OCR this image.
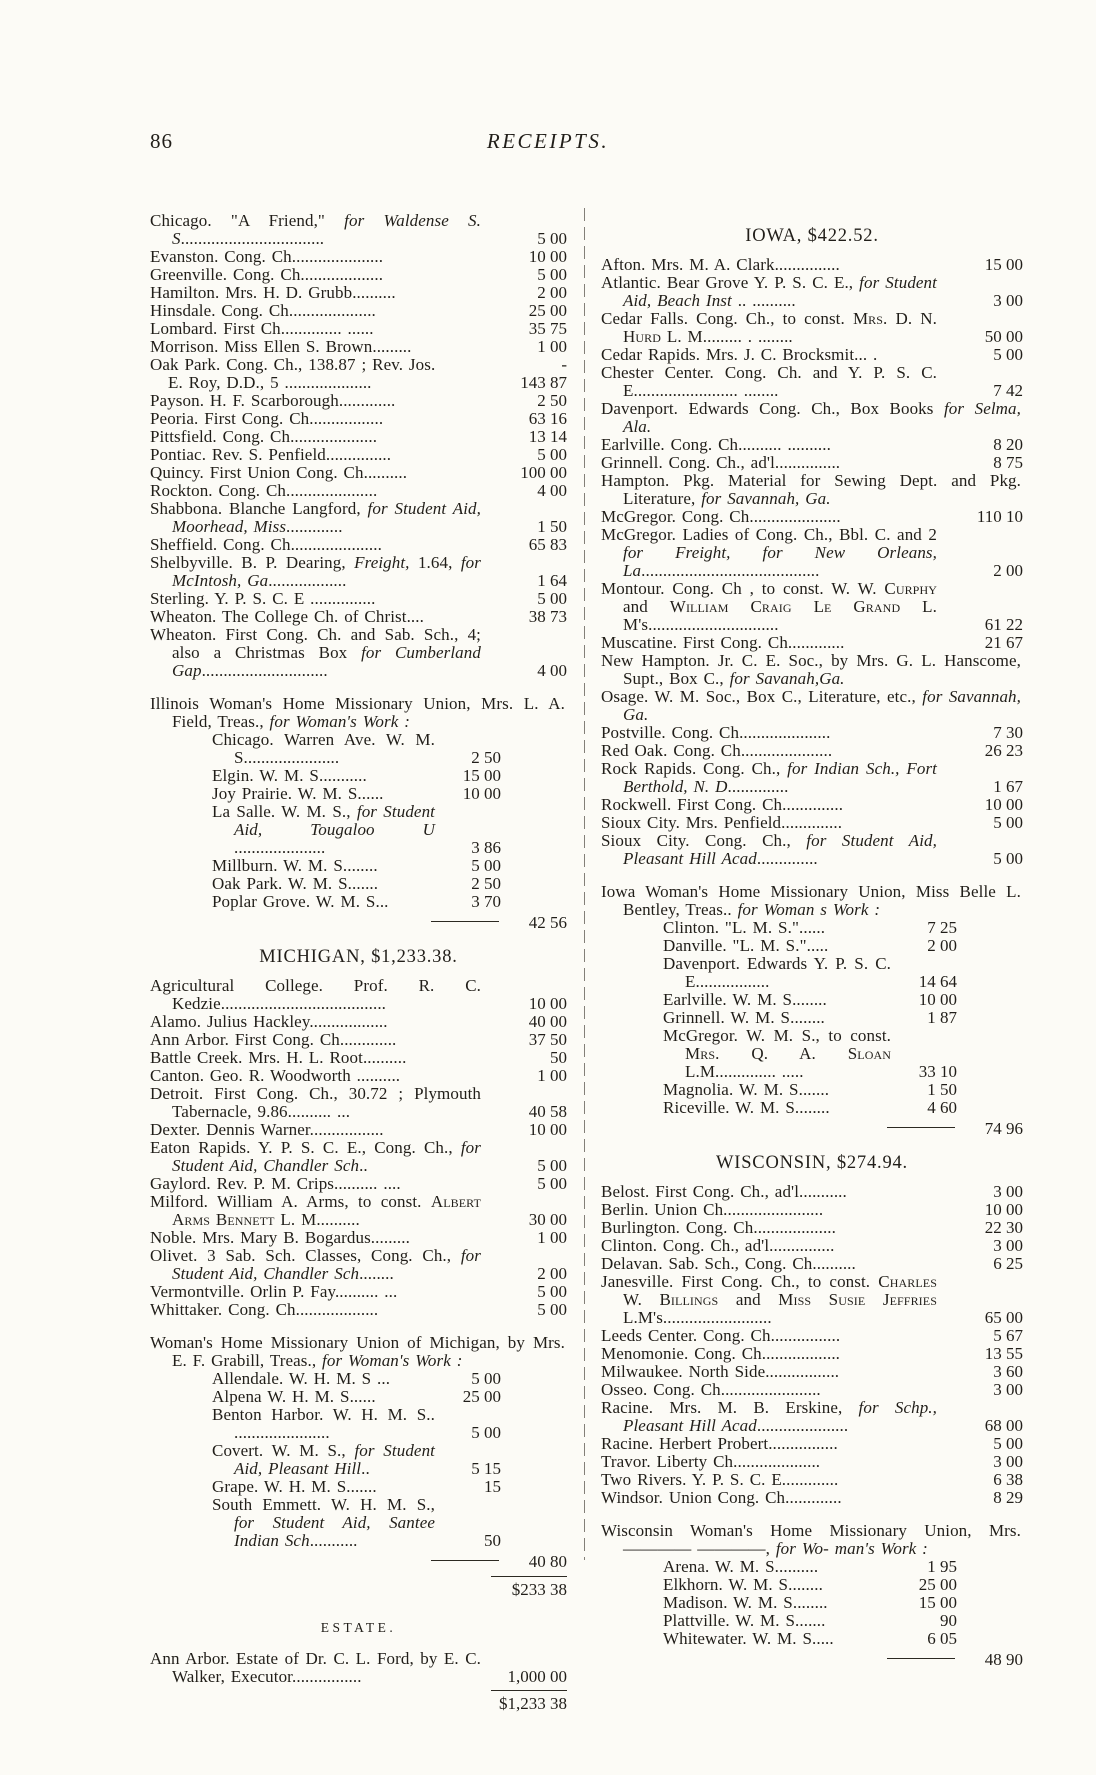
86	RECEIPTS.
Chicago. "A Friend," for Waldense S. S.................................	5 00
Evanston. Cong. Ch.....................	10 00
Greenville. Cong. Ch...................	5 00
Hamilton. Mrs. H. D. Grubb..........	2 00
Hinsdale. Cong. Ch....................	25 00
Lombard. First Ch.............. ......	35 75
Morrison. Miss Ellen S. Brown.........	1 00
Oak Park. Cong. Ch., 138.87 ; Rev. Jos.	-
E. Roy, D.D., 5 ....................	143 87
Payson. H. F. Scarborough.............	2 50
Peoria. First Cong. Ch.................	63 16
Pittsfield. Cong. Ch....................	13 14
Pontiac. Rev. S. Penfield...............	5 00
Quincy. First Union Cong. Ch..........	100 00
Rockton. Cong. Ch.....................	4 00
Shabbona. Blanche Langford, for Student Aid, Moorhead, Miss.............	1 50
Sheffield. Cong. Ch.....................	65 83
Shelbyville. B. P. Dearing, Freight, 1.64, for McIntosh, Ga..................	1 64
Sterling. Y. P. S. C. E ...............	5 00
Wheaton. The College Ch. of Christ....	38 73
Wheaton. First Cong. Ch. and Sab. Sch., 4; also a Christmas Box for Cumberland Gap.............................	4 00
Illinois Woman's Home Missionary Union, Mrs. L. A. Field, Treas., for Woman's Work :
Chicago. Warren Ave. W. M. S......................	2 50
Elgin. W. M. S...........	15 00
Joy Prairie. W. M. S......	10 00
La Salle. W. M. S., for Student Aid, Tougaloo U .....................	3 86
Millburn. W. M. S........	5 00
Oak Park. W. M. S.......	2 50
Poplar Grove. W. M. S...	3 70
42 56
MICHIGAN, $1,233.38.
Agricultural College. Prof. R. C. Kedzie......................................	10 00
Alamo. Julius Hackley..................	40 00
Ann Arbor. First Cong. Ch.............	37 50
Battle Creek. Mrs. H. L. Root..........	50
Canton. Geo. R. Woodworth ..........	1 00
Detroit. First Cong. Ch., 30.72 ; Plymouth Tabernacle, 9.86.......... ...	40 58
Dexter. Dennis Warner.................	10 00
Eaton Rapids. Y. P. S. C. E., Cong. Ch., for Student Aid, Chandler Sch..	5 00
Gaylord. Rev. P. M. Crips.......... ....	5 00
Milford. William A. Arms, to const. Albert Arms Bennett L. M..........	30 00
Noble. Mrs. Mary B. Bogardus.........	1 00
Olivet. 3 Sab. Sch. Classes, Cong. Ch., for Student Aid, Chandler Sch........	2 00
Vermontville. Orlin P. Fay.......... ...	5 00
Whittaker. Cong. Ch...................	5 00
Woman's Home Missionary Union of Michigan, by Mrs. E. F. Grabill, Treas., for Woman's Work :
Allendale. W. H. M. S ...	5 00
Alpena W. H. M. S......	25 00
Benton Harbor. W. H. M. S.. ......................	5 00
Covert. W. M. S., for Student Aid, Pleasant Hill..	5 15
Grape. W. H. M. S.......	15
South Emmett. W. H. M. S., for Student Aid, Santee Indian Sch...........	50
40 80
$233 38
ESTATE.
Ann Arbor. Estate of Dr. C. L. Ford, by E. C. Walker, Executor................	1,000 00
$1,233 38
IOWA, $422.52.
Afton. Mrs. M. A. Clark...............	15 00
Atlantic. Bear Grove Y. P. S. C. E., for Student Aid, Beach Inst .. ..........	3 00
Cedar Falls. Cong. Ch., to const. Mrs. D. N. Hurd L. M......... . ........	50 00
Cedar Rapids. Mrs. J. C. Brocksmit... .	5 00
Chester Center. Cong. Ch. and Y. P. S. C. E........................ ........	7 42
Davenport. Edwards Cong. Ch., Box Books for Selma, Ala.
Earlville. Cong. Ch.......... ..........	8 20
Grinnell. Cong. Ch., ad'l...............	8 75
Hampton. Pkg. Material for Sewing Dept. and Pkg. Literature, for Savannah, Ga.
McGregor. Cong. Ch.....................	110 10
McGregor. Ladies of Cong. Ch., Bbl. C. and 2 for Freight, for New Orleans, La.........................................	2 00
Montour. Cong. Ch , to const. W. W. Curphy and William Craig Le Grand L. M's..............................	61 22
Muscatine. First Cong. Ch.............	21 67
New Hampton. Jr. C. E. Soc., by Mrs. G. L. Hanscome, Supt., Box C., for Savanah,Ga.
Osage. W. M. Soc., Box C., Literature, etc., for Savannah, Ga.
Postville. Cong. Ch.....................	7 30
Red Oak. Cong. Ch.....................	26 23
Rock Rapids. Cong. Ch., for Indian Sch., Fort Berthold, N. D..............	1 67
Rockwell. First Cong. Ch..............	10 00
Sioux City. Mrs. Penfield..............	5 00
Sioux City. Cong. Ch., for Student Aid, Pleasant Hill Acad..............	5 00
Iowa Woman's Home Missionary Union, Miss Belle L. Bentley, Treas.. for Woman s Work :
Clinton. "L. M. S."......	7 25
Danville. "L. M. S.".....	2 00
Davenport. Edwards Y. P. S. C. E.................	14 64
Earlville. W. M. S........	10 00
Grinnell. W. M. S........	1 87
McGregor. W. M. S., to const. Mrs. Q. A. Sloan L.M.............. .....	33 10
Magnolia. W. M. S.......	1 50
Riceville. W. M. S........	4 60
74 96
WISCONSIN, $274.94.
Belost. First Cong. Ch., ad'l...........	3 00
Berlin. Union Ch.......................	10 00
Burlington. Cong. Ch...................	22 30
Clinton. Cong. Ch., ad'l...............	3 00
Delavan. Sab. Sch., Cong. Ch..........	6 25
Janesville. First Cong. Ch., to const. Charles W. Billings and Miss Susie Jeffries L.M's.........................	65 00
Leeds Center. Cong. Ch................	5 67
Menomonie. Cong. Ch..................	13 55
Milwaukee. North Side.................	3 60
Osseo. Cong. Ch.......................	3 00
Racine. Mrs. M. B. Erskine, for Schp., Pleasant Hill Acad.....................	68 00
Racine. Herbert Probert................	5 00
Travor. Liberty Ch....................	3 00
Two Rivers. Y. P. S. C. E.............	6 38
Windsor. Union Cong. Ch.............	8 29
Wisconsin Woman's Home Missionary Union, Mrs. ———— ————, for Wo- man's Work :
Arena. W. M. S..........	1 95
Elkhorn. W. M. S........	25 00
Madison. W. M. S........	15 00
Plattville. W. M. S.......	90
Whitewater. W. M. S.....	6 05
48 90
